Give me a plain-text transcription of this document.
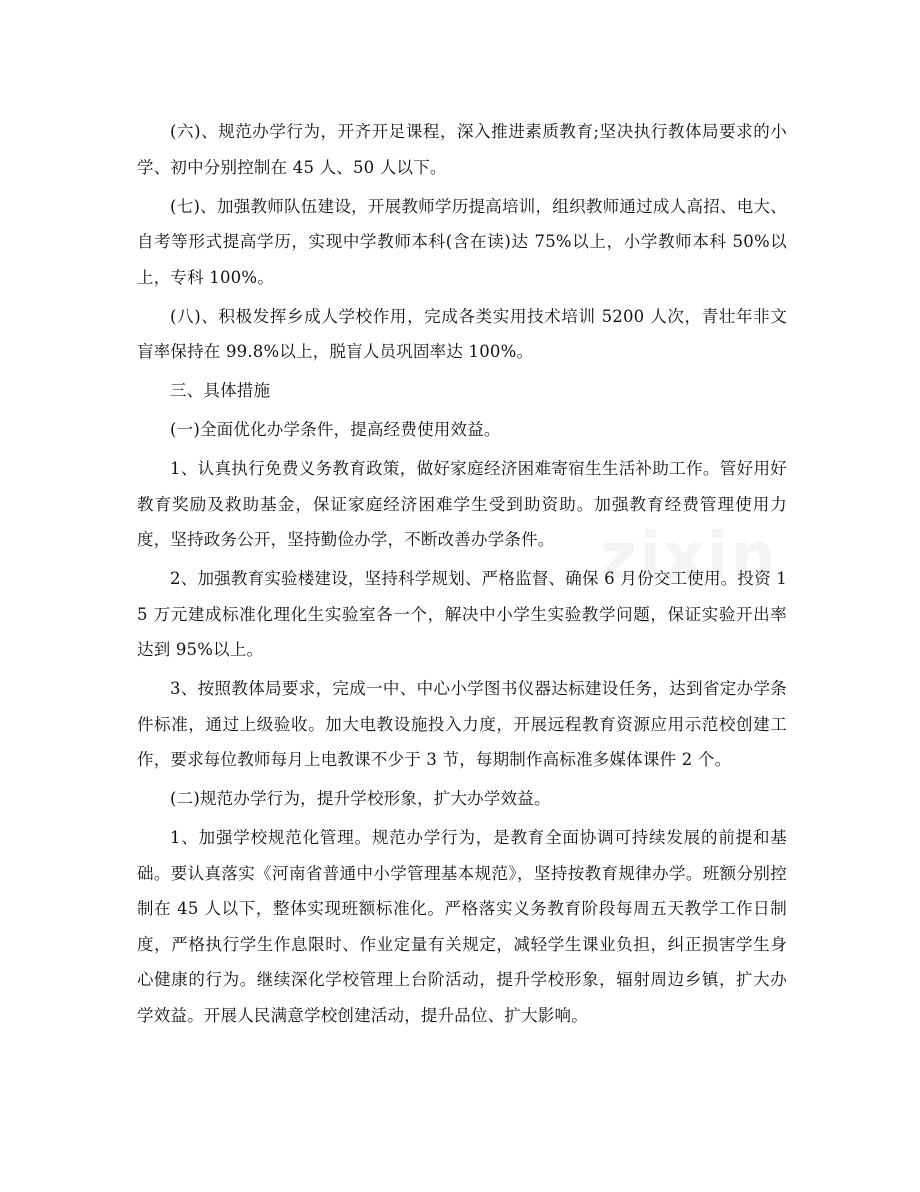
(六)、规范办学行为，开齐开足课程，深入推进素质教育;坚决执行教体局要求的小学、初中分别控制在 45 人、50 人以下。

(七)、加强教师队伍建设，开展教师学历提高培训，组织教师通过成人高招、电大、自考等形式提高学历，实现中学教师本科(含在读)达 75%以上，小学教师本科 50%以上，专科 100%。

(八)、积极发挥乡成人学校作用，完成各类实用技术培训 5200 人次，青壮年非文盲率保持在 99.8%以上，脱盲人员巩固率达 100%。

三、具体措施

(一)全面优化办学条件，提高经费使用效益。

1、认真执行免费义务教育政策，做好家庭经济困难寄宿生生活补助工作。管好用好教育奖励及救助基金，保证家庭经济困难学生受到助资助。加强教育经费管理使用力度，坚持政务公开，坚持勤俭办学，不断改善办学条件。

2、加强教育实验楼建设，坚持科学规划、严格监督、确保 6 月份交工使用。投资 15 万元建成标准化理化生实验室各一个，解决中小学生实验教学问题，保证实验开出率达到 95%以上。

3、按照教体局要求，完成一中、中心小学图书仪器达标建设任务，达到省定办学条件标准，通过上级验收。加大电教设施投入力度，开展远程教育资源应用示范校创建工作，要求每位教师每月上电教课不少于 3 节，每期制作高标准多媒体课件 2 个。

(二)规范办学行为，提升学校形象，扩大办学效益。

1、加强学校规范化管理。规范办学行为，是教育全面协调可持续发展的前提和基础。要认真落实《河南省普通中小学管理基本规范》，坚持按教育规律办学。班额分别控制在 45 人以下，整体实现班额标准化。严格落实义务教育阶段每周五天教学工作日制度，严格执行学生作息限时、作业定量有关规定，减轻学生课业负担，纠正损害学生身心健康的行为。继续深化学校管理上台阶活动，提升学校形象，辐射周边乡镇，扩大办学效益。开展人民满意学校创建活动，提升品位、扩大影响。
